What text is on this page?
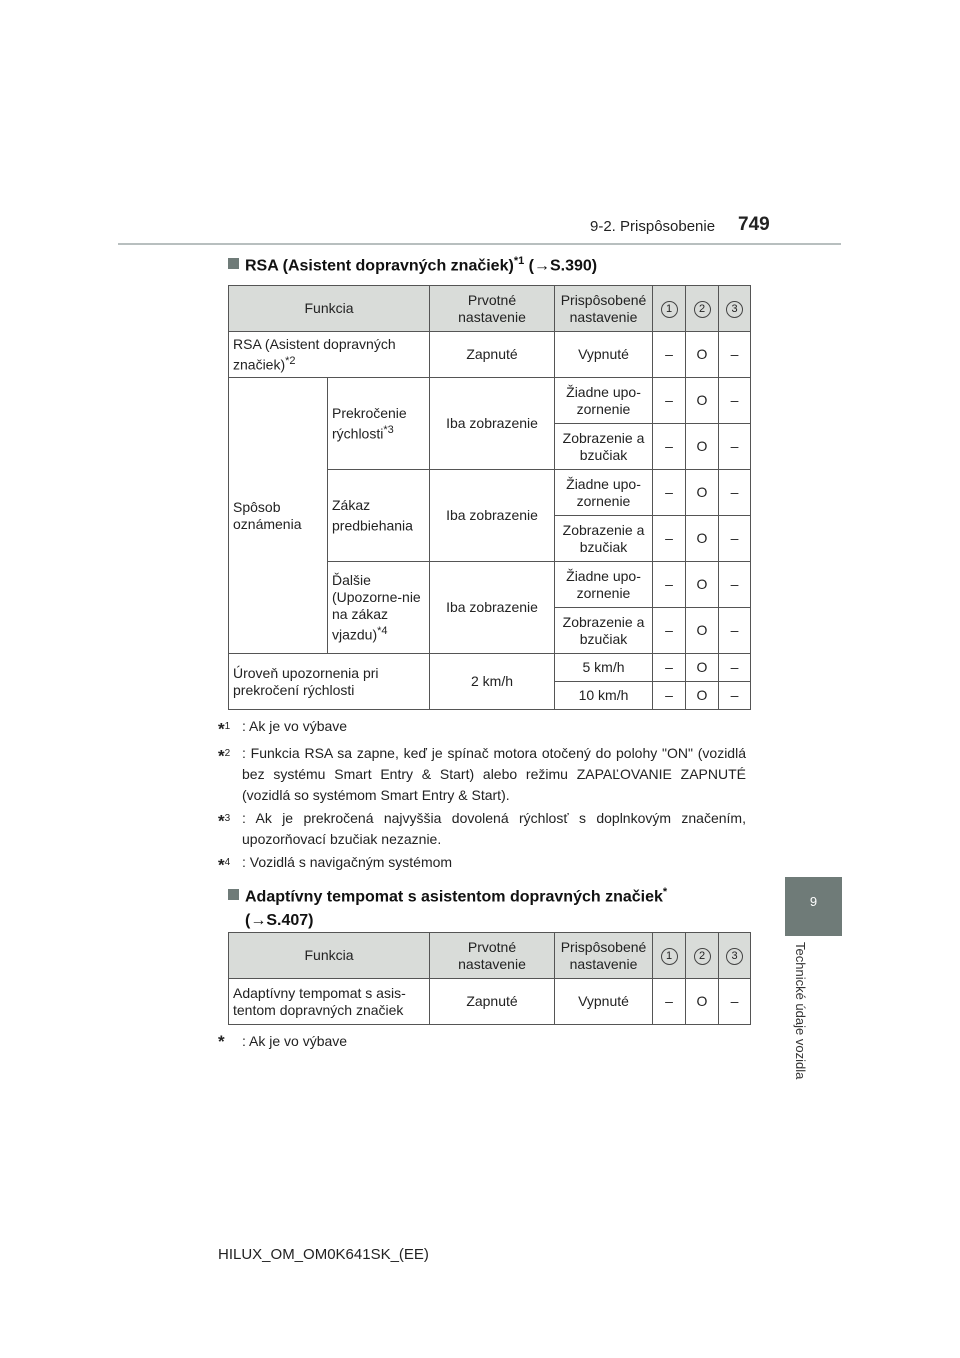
9-2. Prispôsobenie 749
9
Technické údaje vozidla
RSA (Asistent dopravných značiek)$^{*1}$ (→S.390)
Funkcia		Prvotné nastavenie	Prispôsobené nastavenie	1	2	3
RSA (Asistent dopravných značiek)$^{*2}$		Zapnuté	Vypnuté	–	O	–
Spôsob oznámenia	Prekročenie rýchlosti$^{*3}$	Iba zobrazenie	Žiadne upo-zornenie	–	O	–
			Zobrazenie a bzučiak	–	O	–
	Zákaz predbiehania	Iba zobrazenie	Žiadne upo-zornenie	–	O	–
			Zobrazenie a bzučiak	–	O	–
	Ďalšie (Upozorne-nie na zákaz vjazdu)$^{*4}$	Iba zobrazenie	Žiadne upo-zornenie	–	O	–
			Zobrazenie a bzučiak	–	O	–
Úroveň upozornenia pri prekročení rýchlosti		2 km/h	5 km/h	–	O	–
			10 km/h	–	O	–
*$^1$ : Ak je vo výbave
*$^2$ : Funkcia RSA sa zapne, keď je spínač motora otočený do polohy "ON" (vozidlá bez systému Smart Entry & Start) alebo režimu ZAPAĽOVANIE ZAPNUTÉ (vozidlá so systémom Smart Entry & Start).
*$^3$ : Ak je prekročená najvyššia dovolená rýchlosť s doplnkovým značením, upozorňovací bzučiak nezaznie.
*$^4$ : Vozidlá s navigačným systémom
Adaptívny tempomat s asistentom dopravných značiek*
(→S.407)
Funkcia	Prvotné nastavenie	Prispôsobené nastavenie	1	2	3
Adaptívny tempomat s asis-tentom dopravných značiek	Zapnuté	Vypnuté	–	O	–
* : Ak je vo výbave
HILUX_OM_OM0K641SK_(EE)
